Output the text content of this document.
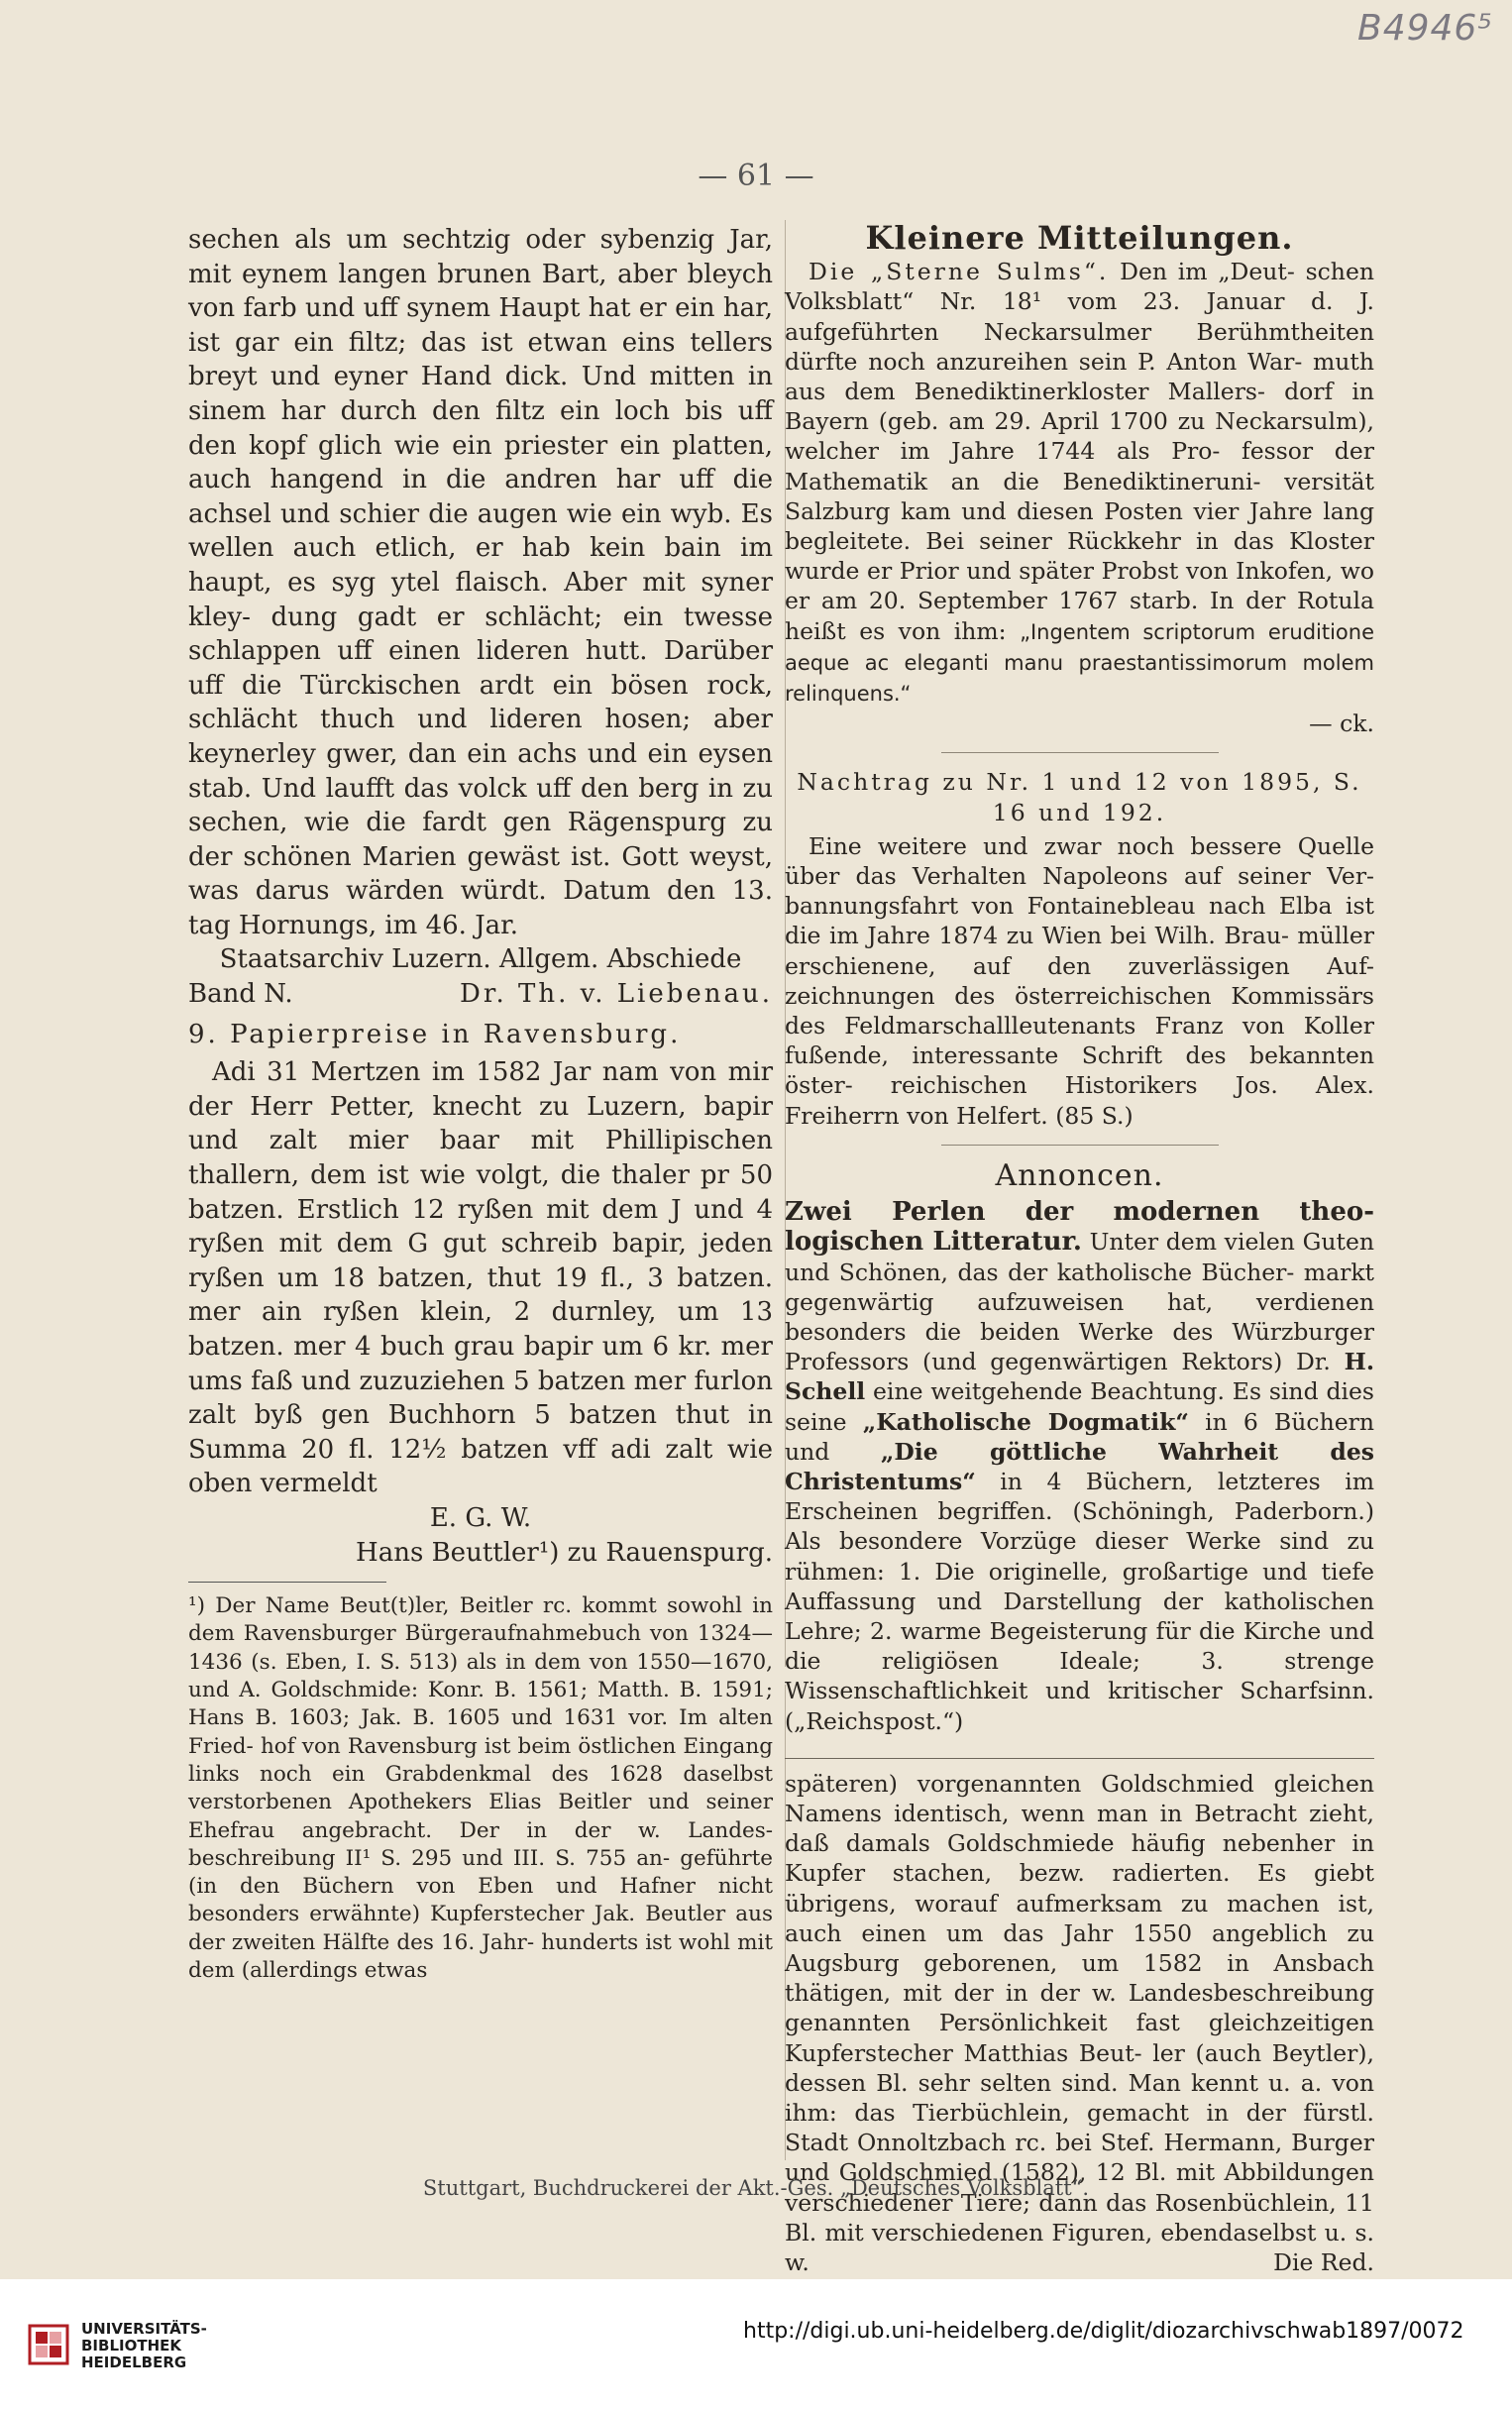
B4946⁵
— 61 —

sechen als um sechtzig oder sybenzig Jar, mit eynem langen brunen Bart, aber bleych von farb und uff synem Haupt hat er ein har, ist gar ein filtz; das ist etwan eins tellers breyt und eyner Hand dick. Und mitten in sinem har durch den filtz ein loch bis uff den kopf glich wie ein priester ein platten, auch hangend in die andren har uff die achsel und schier die augen wie ein wyb. Es wellen auch etlich, er hab kein bain im haupt, es syg ytel flaisch. Aber mit syner kley- dung gadt er schlächt; ein twesse schlappen uff einen lideren hutt. Darüber uff die Türckischen ardt ein bösen rock, schlächt thuch und lideren hosen; aber keynerley gwer, dan ein achs und ein eysen stab. Und laufft das volck uff den berg in zu sechen, wie die fardt gen Rägenspurg zu der schönen Marien gewäst ist. Gott weyst, was darus wärden würdt. Datum den 13. tag Hornungs, im 46. Jar.

Staatsarchiv Luzern. Allgem. Abschiede

Band N.	Dr. Th. v. Liebenau.

9. Papierpreise in Ravensburg.

Adi 31 Mertzen im 1582 Jar nam von mir der Herr Petter, knecht zu Luzern, bapir und zalt mier baar mit Phillipischen thallern, dem ist wie volgt, die thaler pr 50 batzen. Erstlich 12 ryßen mit dem J und 4 ryßen mit dem G gut schreib bapir, jeden ryßen um 18 batzen, thut 19 fl., 3 batzen. mer ain ryßen klein, 2 durnley, um 13 batzen. mer 4 buch grau bapir um 6 kr. mer ums faß und zuzuziehen 5 batzen mer furlon zalt byß gen Buchhorn 5 batzen thut in Summa 20 fl. 12½ batzen vff adi zalt wie oben vermeldt

E. G. W.

Hans Beuttler¹) zu Rauenspurg.

¹) Der Name Beut(t)ler, Beitler rc. kommt sowohl in dem Ravensburger Bürgeraufnahmebuch von 1324—1436 (s. Eben, I. S. 513) als in dem von 1550—1670, und A. Goldschmide: Konr. B. 1561; Matth. B. 1591; Hans B. 1603; Jak. B. 1605 und 1631 vor. Im alten Fried- hof von Ravensburg ist beim östlichen Eingang links noch ein Grabdenkmal des 1628 daselbst verstorbenen Apothekers Elias Beitler und seiner Ehefrau angebracht. Der in der w. Landes- beschreibung II¹ S. 295 und III. S. 755 an- geführte (in den Büchern von Eben und Hafner nicht besonders erwähnte) Kupferstecher Jak. Beutler aus der zweiten Hälfte des 16. Jahr- hunderts ist wohl mit dem (allerdings etwas

Kleinere Mitteilungen.

Die „Sterne Sulms“. Den im „Deut- schen Volksblatt“ Nr. 18¹ vom 23. Januar d. J. aufgeführten Neckarsulmer Berühmtheiten dürfte noch anzureihen sein P. Anton War- muth aus dem Benediktinerkloster Mallers- dorf in Bayern (geb. am 29. April 1700 zu Neckarsulm), welcher im Jahre 1744 als Pro- fessor der Mathematik an die Benediktineruni- versität Salzburg kam und diesen Posten vier Jahre lang begleitete. Bei seiner Rückkehr in das Kloster wurde er Prior und später Probst von Inkofen, wo er am 20. September 1767 starb. In der Rotula heißt es von ihm: „Ingentem scriptorum eruditione aeque ac eleganti manu praestantissimorum molem relinquens.“

— ck.

Nachtrag zu Nr. 1 und 12 von 1895, S. 16 und 192.

Eine weitere und zwar noch bessere Quelle über das Verhalten Napoleons auf seiner Ver- bannungsfahrt von Fontainebleau nach Elba ist die im Jahre 1874 zu Wien bei Wilh. Brau- müller erschienene, auf den zuverlässigen Auf- zeichnungen des österreichischen Kommissärs des Feldmarschallleutenants Franz von Koller fußende, interessante Schrift des bekannten öster- reichischen Historikers Jos. Alex. Freiherrn von Helfert. (85 S.)

Annoncen.

Zwei Perlen der modernen theo- logischen Litteratur. Unter dem vielen Guten und Schönen, das der katholische Bücher- markt gegenwärtig aufzuweisen hat, verdienen besonders die beiden Werke des Würzburger Professors (und gegenwärtigen Rektors) Dr. H. Schell eine weitgehende Beachtung. Es sind dies seine „Katholische Dogmatik“ in 6 Büchern und „Die göttliche Wahrheit des Christentums“ in 4 Büchern, letzteres im Erscheinen begriffen. (Schöningh, Paderborn.) Als besondere Vorzüge dieser Werke sind zu rühmen: 1. Die originelle, großartige und tiefe Auffassung und Darstellung der katholischen Lehre; 2. warme Begeisterung für die Kirche und die religiösen Ideale; 3. strenge Wissenschaftlichkeit und kritischer Scharfsinn. („Reichspost.“)

späteren) vorgenannten Goldschmied gleichen Namens identisch, wenn man in Betracht zieht, daß damals Goldschmiede häufig nebenher in Kupfer stachen, bezw. radierten. Es giebt übrigens, worauf aufmerksam zu machen ist, auch einen um das Jahr 1550 angeblich zu Augsburg geborenen, um 1582 in Ansbach thätigen, mit der in der w. Landesbeschreibung genannten Persönlichkeit fast gleichzeitigen Kupferstecher Matthias Beut- ler (auch Beytler), dessen Bl. sehr selten sind. Man kennt u. a. von ihm: das Tierbüchlein, gemacht in der fürstl. Stadt Onnoltzbach rc. bei Stef. Hermann, Burger und Goldschmied (1582), 12 Bl. mit Abbildungen verschiedener Tiere; dann das Rosenbüchlein, 11 Bl. mit verschiedenen Figuren, ebendaselbst u. s. w.	Die Red.

Stuttgart, Buchdruckerei der Akt.-Ges. „Deutsches Volksblatt“.
UNIVERSITÄTS-
BIBLIOTHEK
HEIDELBERG
http://digi.ub.uni-heidelberg.de/diglit/diozarchivschwab1897/0072
